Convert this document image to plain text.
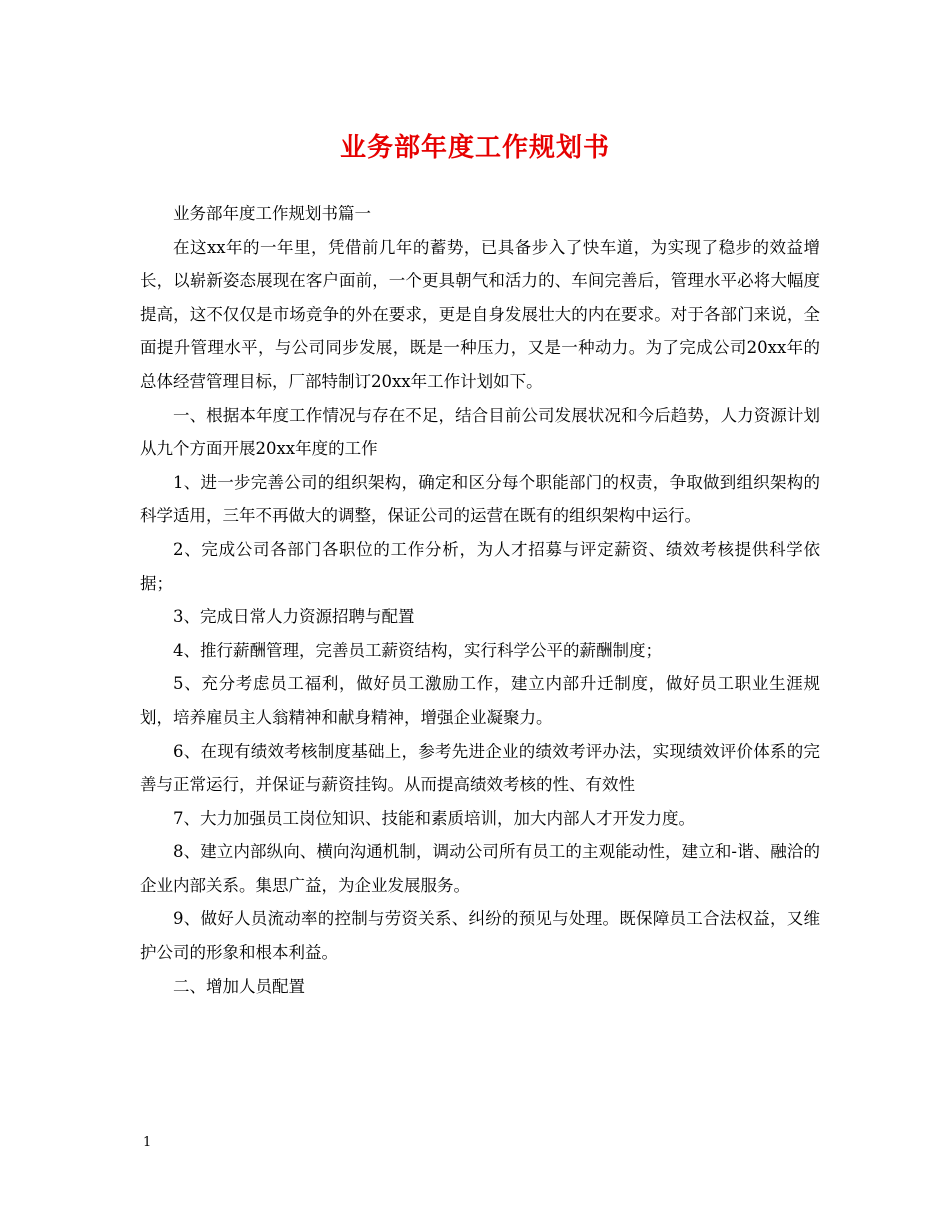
业务部年度工作规划书

业务部年度工作规划书篇一

在这xx年的一年里，凭借前几年的蓄势，已具备步入了快车道，为实现了稳步的效益增长，以崭新姿态展现在客户面前，一个更具朝气和活力的、车间完善后，管理水平必将大幅度提高，这不仅仅是市场竞争的外在要求，更是自身发展壮大的内在要求。对于各部门来说，全面提升管理水平，与公司同步发展，既是一种压力，又是一种动力。为了完成公司20xx年的总体经营管理目标，厂部特制订20xx年工作计划如下。

一、根据本年度工作情况与存在不足，结合目前公司发展状况和今后趋势，人力资源计划从九个方面开展20xx年度的工作

1、进一步完善公司的组织架构，确定和区分每个职能部门的权责，争取做到组织架构的科学适用，三年不再做大的调整，保证公司的运营在既有的组织架构中运行。

2、完成公司各部门各职位的工作分析，为人才招募与评定薪资、绩效考核提供科学依据；

3、完成日常人力资源招聘与配置

4、推行薪酬管理，完善员工薪资结构，实行科学公平的薪酬制度；

5、充分考虑员工福利，做好员工激励工作，建立内部升迁制度，做好员工职业生涯规划，培养雇员主人翁精神和献身精神，增强企业凝聚力。

6、在现有绩效考核制度基础上，参考先进企业的绩效考评办法，实现绩效评价体系的完善与正常运行，并保证与薪资挂钩。从而提高绩效考核的性、有效性

7、大力加强员工岗位知识、技能和素质培训，加大内部人才开发力度。

8、建立内部纵向、横向沟通机制，调动公司所有员工的主观能动性，建立和-谐、融洽的企业内部关系。集思广益，为企业发展服务。

9、做好人员流动率的控制与劳资关系、纠纷的预见与处理。既保障员工合法权益，又维护公司的形象和根本利益。

二、增加人员配置

1
